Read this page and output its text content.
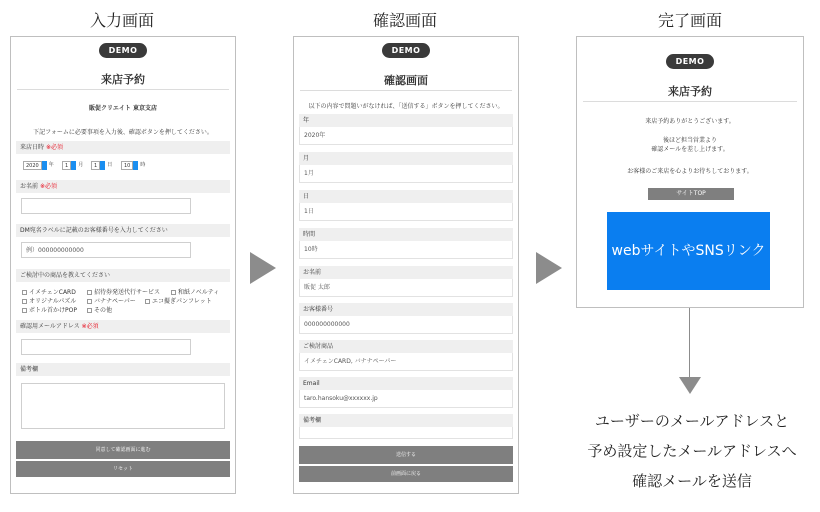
入力画面	確認画面	完了画面
DEMO
来店予約
販促クリエイト 東京支店
下記フォームに必要事項を入力後、確認ボタンを押してください。
来店日時 ※必須
2020 年	1 月	1 日	10 時
お名前 ※必須
DM宛名ラベルに記載のお客様番号を入力してください
例）000000000000
ご検討中の商品を教えてください
イメチェンCARD	招待券発送代行サービス	和紙ノベルティ
オリジナルパズル	バナナペーパー	エコ擬ぎパンフレット
ボトル首かけPOP	その他
確認用メールアドレス ※必須
備考欄
同意して確認画面に進む
リセット
DEMO
確認画面
以下の内容で問題いがなければ、「送信する」ボタンを押してください。
年
2020年
月
1月
日
1日
時間
10時
お名前
販促 太郎
お客様番号
000000000000
ご検討商品
イメチェンCARD, バナナペーパー
Email
taro.hansoku@xxxxxx.jp
備考欄
送信する
前画面に戻る
DEMO
来店予約
来店予約ありがとうございます。
後ほど担当営業より
確認メールを差し上げます。
お客様のご来店を心よりお待ちしております。
サイトTOP
webサイトやSNSリンク
ユーザーのメールアドレスと
予め設定したメールアドレスへ
確認メールを送信
